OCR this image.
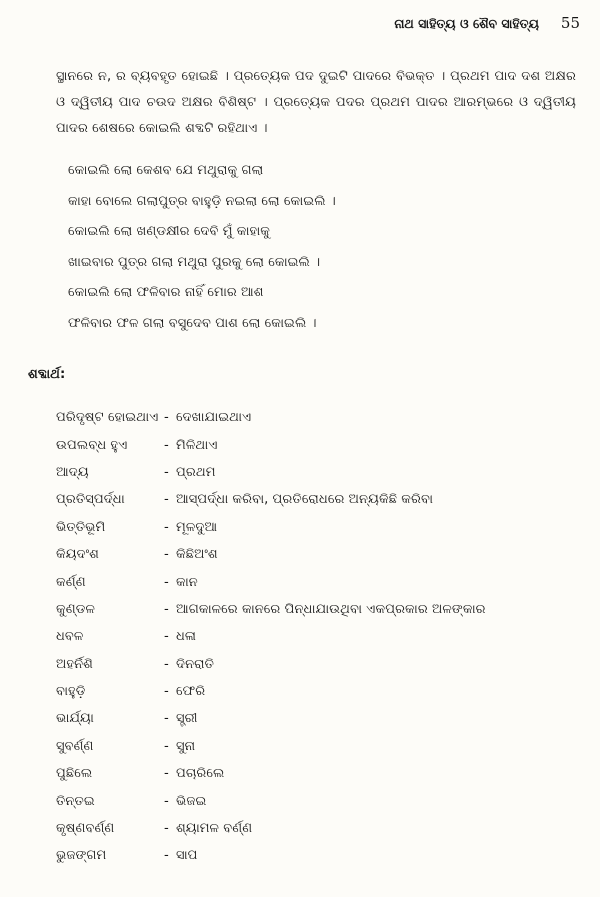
ନାଥ ସାହିତ୍ୟ ଓ ଶୈବ ସାହିତ୍ୟ 55

ସ୍ଥାନରେ ନ, ର ବ୍ୟବହୃତ ହୋଇଛି । ପ୍ରତ୍ୟେକ ପଦ ଦୁଇଟି ପାଦରେ ବିଭକ୍ତ । ପ୍ରଥମ ପାଦ ଦଶ ଅକ୍ଷର ଓ ଦ୍ୱିତୀୟ ପାଦ ଚଉଦ ଅକ୍ଷର ବିଶିଷ୍ଟ । ପ୍ରତ୍ୟେକ ପଦର ପ୍ରଥମ ପାଦର ଆରମ୍ଭରେ ଓ ଦ୍ୱିତୀୟ ପାଦର ଶେଷରେ କୋଇଲି ଶବ୍ଦଟି ରହିଥାଏ ।

କୋଇଲି ଲୋ କେଶବ ଯେ ମଥୁରାକୁ ଗଲା
କାହା ବୋଲେ ଗଲାପୁତ୍ର ବାହୁଡ଼ି ନଇଲା ଲୋ କୋଇଲି ।
କୋଇଲି ଲୋ ଖଣ୍ଡକ୍ଷୀର ଦେବି ମୁଁ କାହାକୁ
ଖାଇବାର ପୁତ୍ର ଗଲା ମଥୁରା ପୁରକୁ ଲୋ କୋଇଲି ।
କୋଇଲି ଲୋ ଫଳିବାର ନାହିଁ ମୋର ଆଶ
ଫଳିବାର ଫଳ ଗଲା ବସୁଦେବ ପାଶ ଲୋ କୋଇଲି ।
ଶବ୍ଦାର୍ଥ:
ପରିଦୃଷ୍ଟ ହୋଇଥାଏ - ଦେଖାଯାଇଥାଏ
ଉପଲବ୍ଧ ହୁଏ	- ମିଳିଥାଏ
ଆଦ୍ୟ	- ପ୍ରଥମ
ପ୍ରତିସ୍ପର୍ଦ୍ଧା	- ଆସ୍ପର୍ଦ୍ଧା କରିବା, ପ୍ରତିରୋଧରେ ଅନ୍ୟକିଛି କରିବା
ଭିତ୍ତିଭୂମି	- ମୂଳଦୁଆ
କିୟଦଂଶ	- କିଛିଅଂଶ
କର୍ଣ୍ଣ	- କାନ
କୁଣ୍ଡଳ	- ଆଗକାଳରେ କାନରେ ପିନ୍ଧାଯାଉଥିବା ଏକପ୍ରକାର ଅଳଙ୍କାର
ଧବଳ	- ଧଳା
ଅହର୍ନିଶି	- ଦିନରାତି
ବାହୁଡ଼ି	- ଫେରି
ଭାର୍ଯ୍ୟା	- ସ୍ତ୍ରୀ
ସୁବର୍ଣ୍ଣ	- ସୁନା
ପୁଛିଲେ	- ପଚାରିଲେ
ତିନ୍ତଇ	- ଭିଜଇ
କୃଷ୍ଣବର୍ଣ୍ଣ	- ଶ୍ୟାମଳ ବର୍ଣ୍ଣ
ଭୁଜଙ୍ଗମ	- ସାପ
